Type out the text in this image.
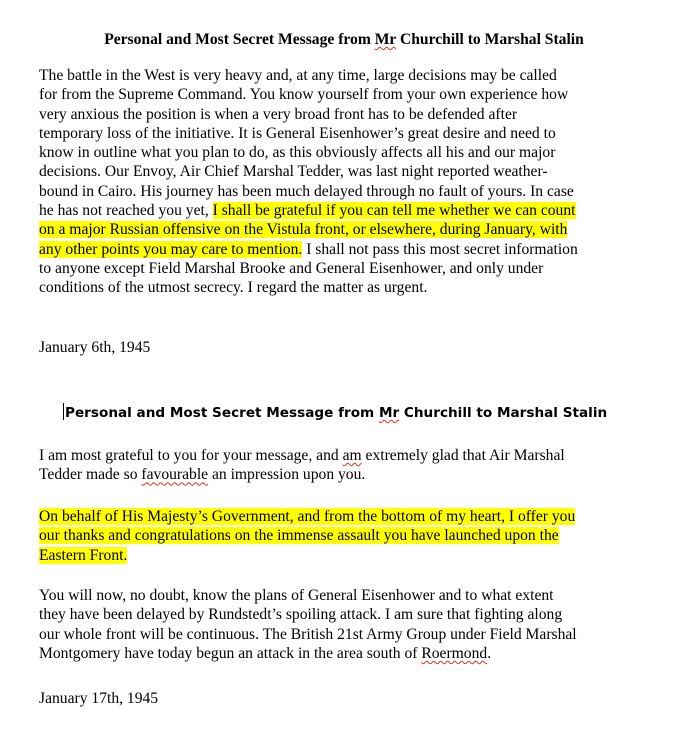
Personal and Most Secret Message from Mr Churchill to Marshal Stalin
The battle in the West is very heavy and, at any time, large decisions may be called
for from the Supreme Command. You know yourself from your own experience how
very anxious the position is when a very broad front has to be defended after
temporary loss of the initiative. It is General Eisenhower’s great desire and need to
know in outline what you plan to do, as this obviously affects all his and our major
decisions. Our Envoy, Air Chief Marshal Tedder, was last night reported weather-
bound in Cairo. His journey has been much delayed through no fault of yours. In case
he has not reached you yet, I shall be grateful if you can tell me whether we can count
on a major Russian offensive on the Vistula front, or elsewhere, during January, with
any other points you may care to mention. I shall not pass this most secret information
to anyone except Field Marshal Brooke and General Eisenhower, and only under
conditions of the utmost secrecy. I regard the matter as urgent.
January 6th, 1945
Personal and Most Secret Message from Mr Churchill to Marshal Stalin
I am most grateful to you for your message, and am extremely glad that Air Marshal
Tedder made so favourable an impression upon you.
On behalf of His Majesty’s Government, and from the bottom of my heart, I offer you
our thanks and congratulations on the immense assault you have launched upon the
Eastern Front.
You will now, no doubt, know the plans of General Eisenhower and to what extent
they have been delayed by Rundstedt’s spoiling attack. I am sure that fighting along
our whole front will be continuous. The British 21st Army Group under Field Marshal
Montgomery have today begun an attack in the area south of Roermond.
January 17th, 1945
